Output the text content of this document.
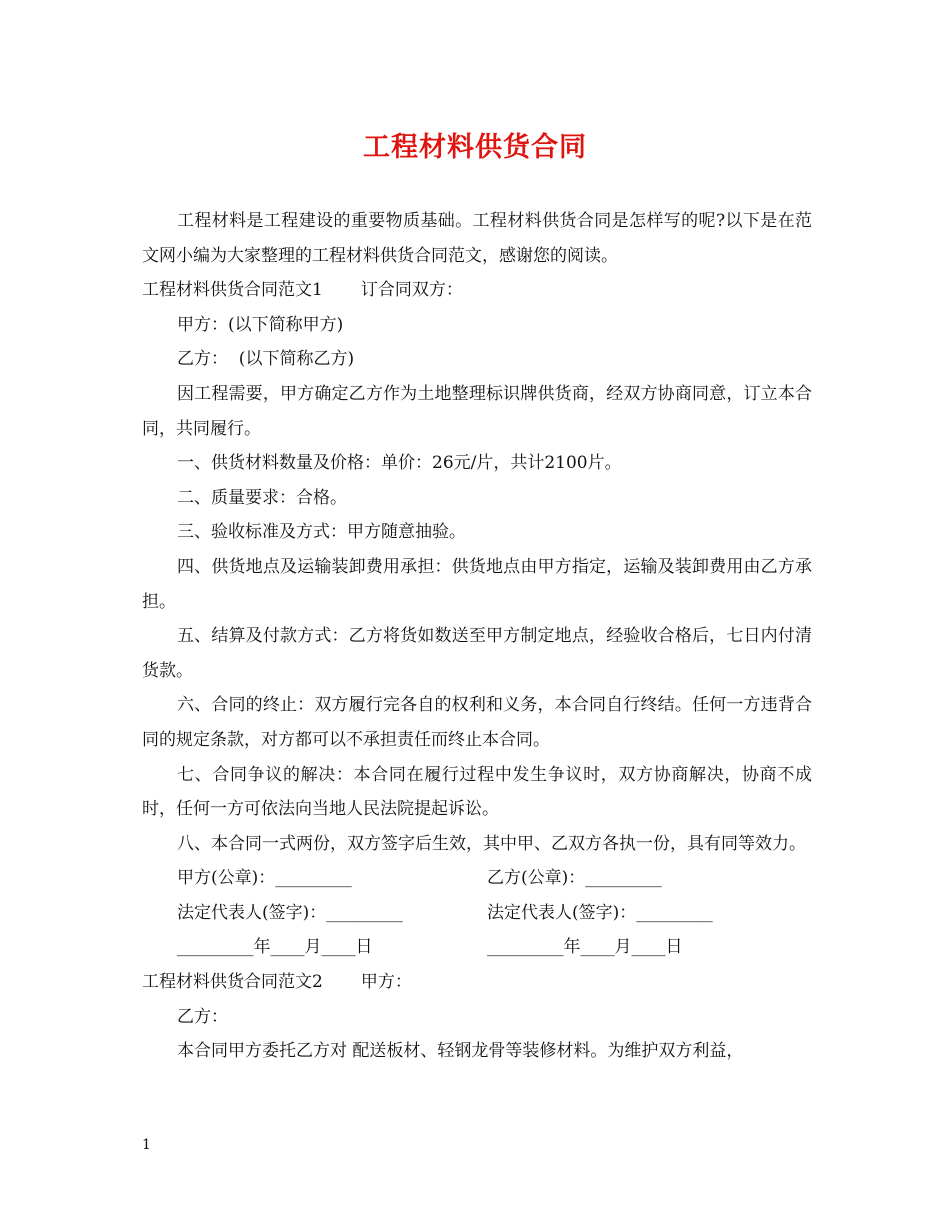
工程材料供货合同

工程材料是工程建设的重要物质基础。工程材料供货合同是怎样写的呢?以下是在范文网小编为大家整理的工程材料供货合同范文，感谢您的阅读。

工程材料供货合同范文1 订合同双方：

甲方：(以下简称甲方)

乙方：  (以下简称乙方)

因工程需要，甲方确定乙方作为土地整理标识牌供货商，经双方协商同意，订立本合同，共同履行。

一、供货材料数量及价格：单价：26元/片，共计2100片。

二、质量要求：合格。

三、验收标准及方式：甲方随意抽验。

四、供货地点及运输装卸费用承担：供货地点由甲方指定，运输及装卸费用由乙方承担。

五、结算及付款方式：乙方将货如数送至甲方制定地点，经验收合格后，七日内付清货款。

六、合同的终止：双方履行完各自的权利和义务，本合同自行终结。任何一方违背合同的规定条款，对方都可以不承担责任而终止本合同。

七、合同争议的解决：本合同在履行过程中发生争议时，双方协商解决，协商不成时，任何一方可依法向当地人民法院提起诉讼。

八、本合同一式两份，双方签字后生效，其中甲、乙双方各执一份，具有同等效力。

甲方(公章)：_________	乙方(公章)：_________
法定代表人(签字)：_________	法定代表人(签字)：_________
_________年____月____日	_________年____月____日

工程材料供货合同范文2 甲方：

乙方：

本合同甲方委托乙方对 配送板材、轻钢龙骨等装修材料。为维护双方利益，

1
